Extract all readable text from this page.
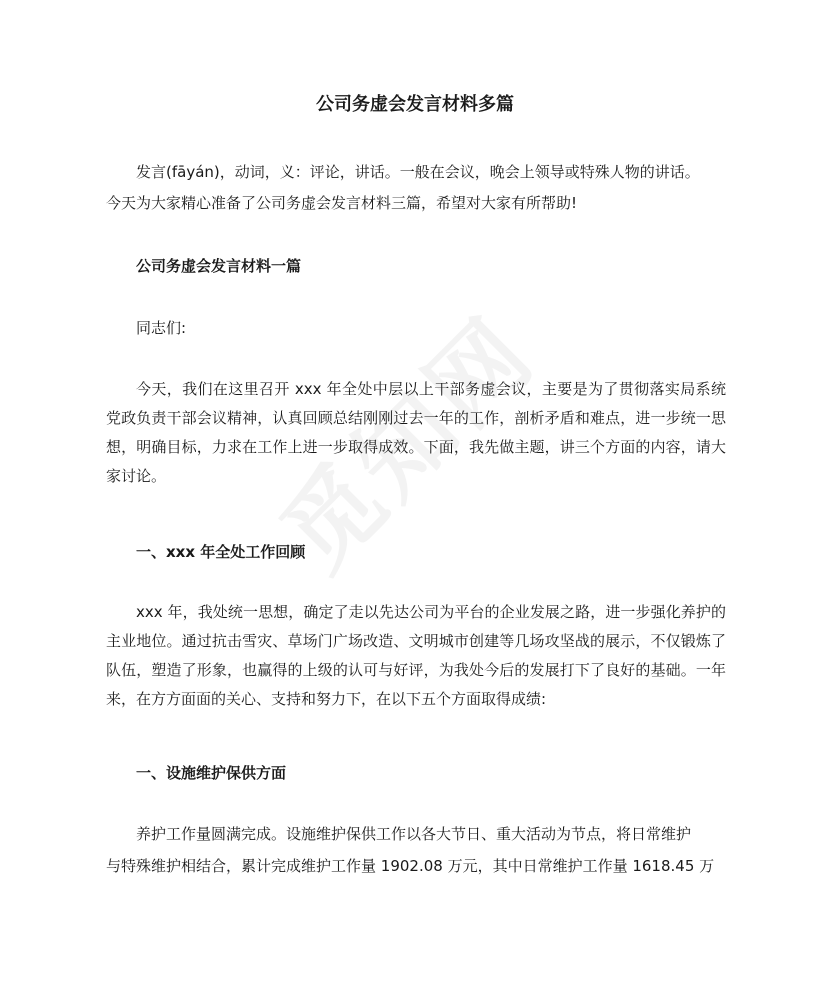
公司务虚会发言材料多篇
发言(fāyán)，动词，义：评论，讲话。一般在会议，晚会上领导或特殊人物的讲话。
今天为大家精心准备了公司务虚会发言材料三篇，希望对大家有所帮助!
公司务虚会发言材料一篇
同志们:

今天，我们在这里召开 xxx 年全处中层以上干部务虚会议，主要是为了贯彻落实局系统党政负责干部会议精神，认真回顾总结刚刚过去一年的工作，剖析矛盾和难点，进一步统一思想，明确目标，力求在工作上进一步取得成效。下面，我先做主题，讲三个方面的内容，请大家讨论。

一、xxx 年全处工作回顾

xxx 年，我处统一思想，确定了走以先达公司为平台的企业发展之路，进一步强化养护的主业地位。通过抗击雪灾、草场门广场改造、文明城市创建等几场攻坚战的展示，不仅锻炼了队伍，塑造了形象，也赢得的上级的认可与好评，为我处今后的发展打下了良好的基础。一年来，在方方面面的关心、支持和努力下，在以下五个方面取得成绩:

一、设施维护保供方面
养护工作量圆满完成。设施维护保供工作以各大节日、重大活动为节点，将日常维护
与特殊维护相结合，累计完成维护工作量 1902.08 万元，其中日常维护工作量 1618.45 万
